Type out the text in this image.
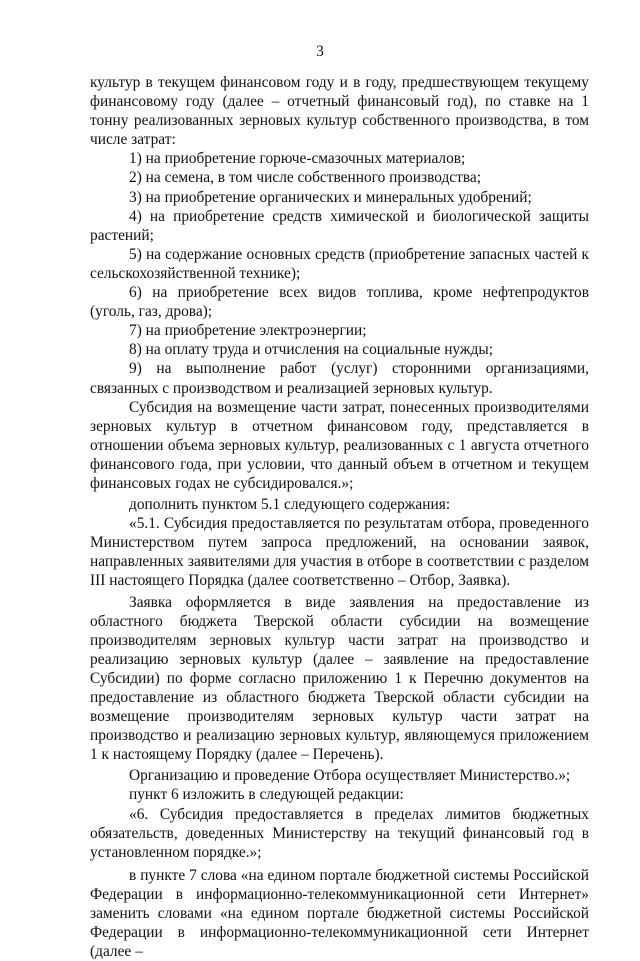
3

культур в текущем финансовом году и в году, предшествующем текущему финансовому году (далее – отчетный финансовый год), по ставке на 1 тонну реализованных зерновых культур собственного производства, в том числе затрат:

1) на приобретение горюче-смазочных материалов;

2) на семена, в том числе собственного производства;

3) на приобретение органических и минеральных удобрений;

4) на приобретение средств химической и биологической защиты растений;

5) на содержание основных средств (приобретение запасных частей к сельскохозяйственной технике);

6) на приобретение всех видов топлива, кроме нефтепродуктов (уголь, газ, дрова);

7) на приобретение электроэнергии;

8) на оплату труда и отчисления на социальные нужды;

9) на выполнение работ (услуг) сторонними организациями, связанных с производством и реализацией зерновых культур.

Субсидия на возмещение части затрат, понесенных производителями зерновых культур в отчетном финансовом году, представляется в отношении объема зерновых культур, реализованных с 1 августа отчетного финансового года, при условии, что данный объем в отчетном и текущем финансовых годах не субсидировался.»;

дополнить пунктом 5.1 следующего содержания:

«5.1. Субсидия предоставляется по результатам отбора, проведенного Министерством путем запроса предложений, на основании заявок, направленных заявителями для участия в отборе в соответствии с разделом III настоящего Порядка (далее соответственно – Отбор, Заявка).

Заявка оформляется в виде заявления на предоставление из областного бюджета Тверской области субсидии на возмещение производителям зерновых культур части затрат на производство и реализацию зерновых культур (далее – заявление на предоставление Субсидии) по форме согласно приложению 1 к Перечню документов на предоставление из областного бюджета Тверской области субсидии на возмещение производителям зерновых культур части затрат на производство и реализацию зерновых культур, являющемуся приложением 1 к настоящему Порядку (далее – Перечень).

Организацию и проведение Отбора осуществляет Министерство.»;

пункт 6 изложить в следующей редакции:

«6. Субсидия предоставляется в пределах лимитов бюджетных обязательств, доведенных Министерству на текущий финансовый год в установленном порядке.»;

в пункте 7 слова «на едином портале бюджетной системы Российской Федерации в информационно-телекоммуникационной сети Интернет» заменить словами «на едином портале бюджетной системы Российской Федерации в информационно-телекоммуникационной сети Интернет (далее –
